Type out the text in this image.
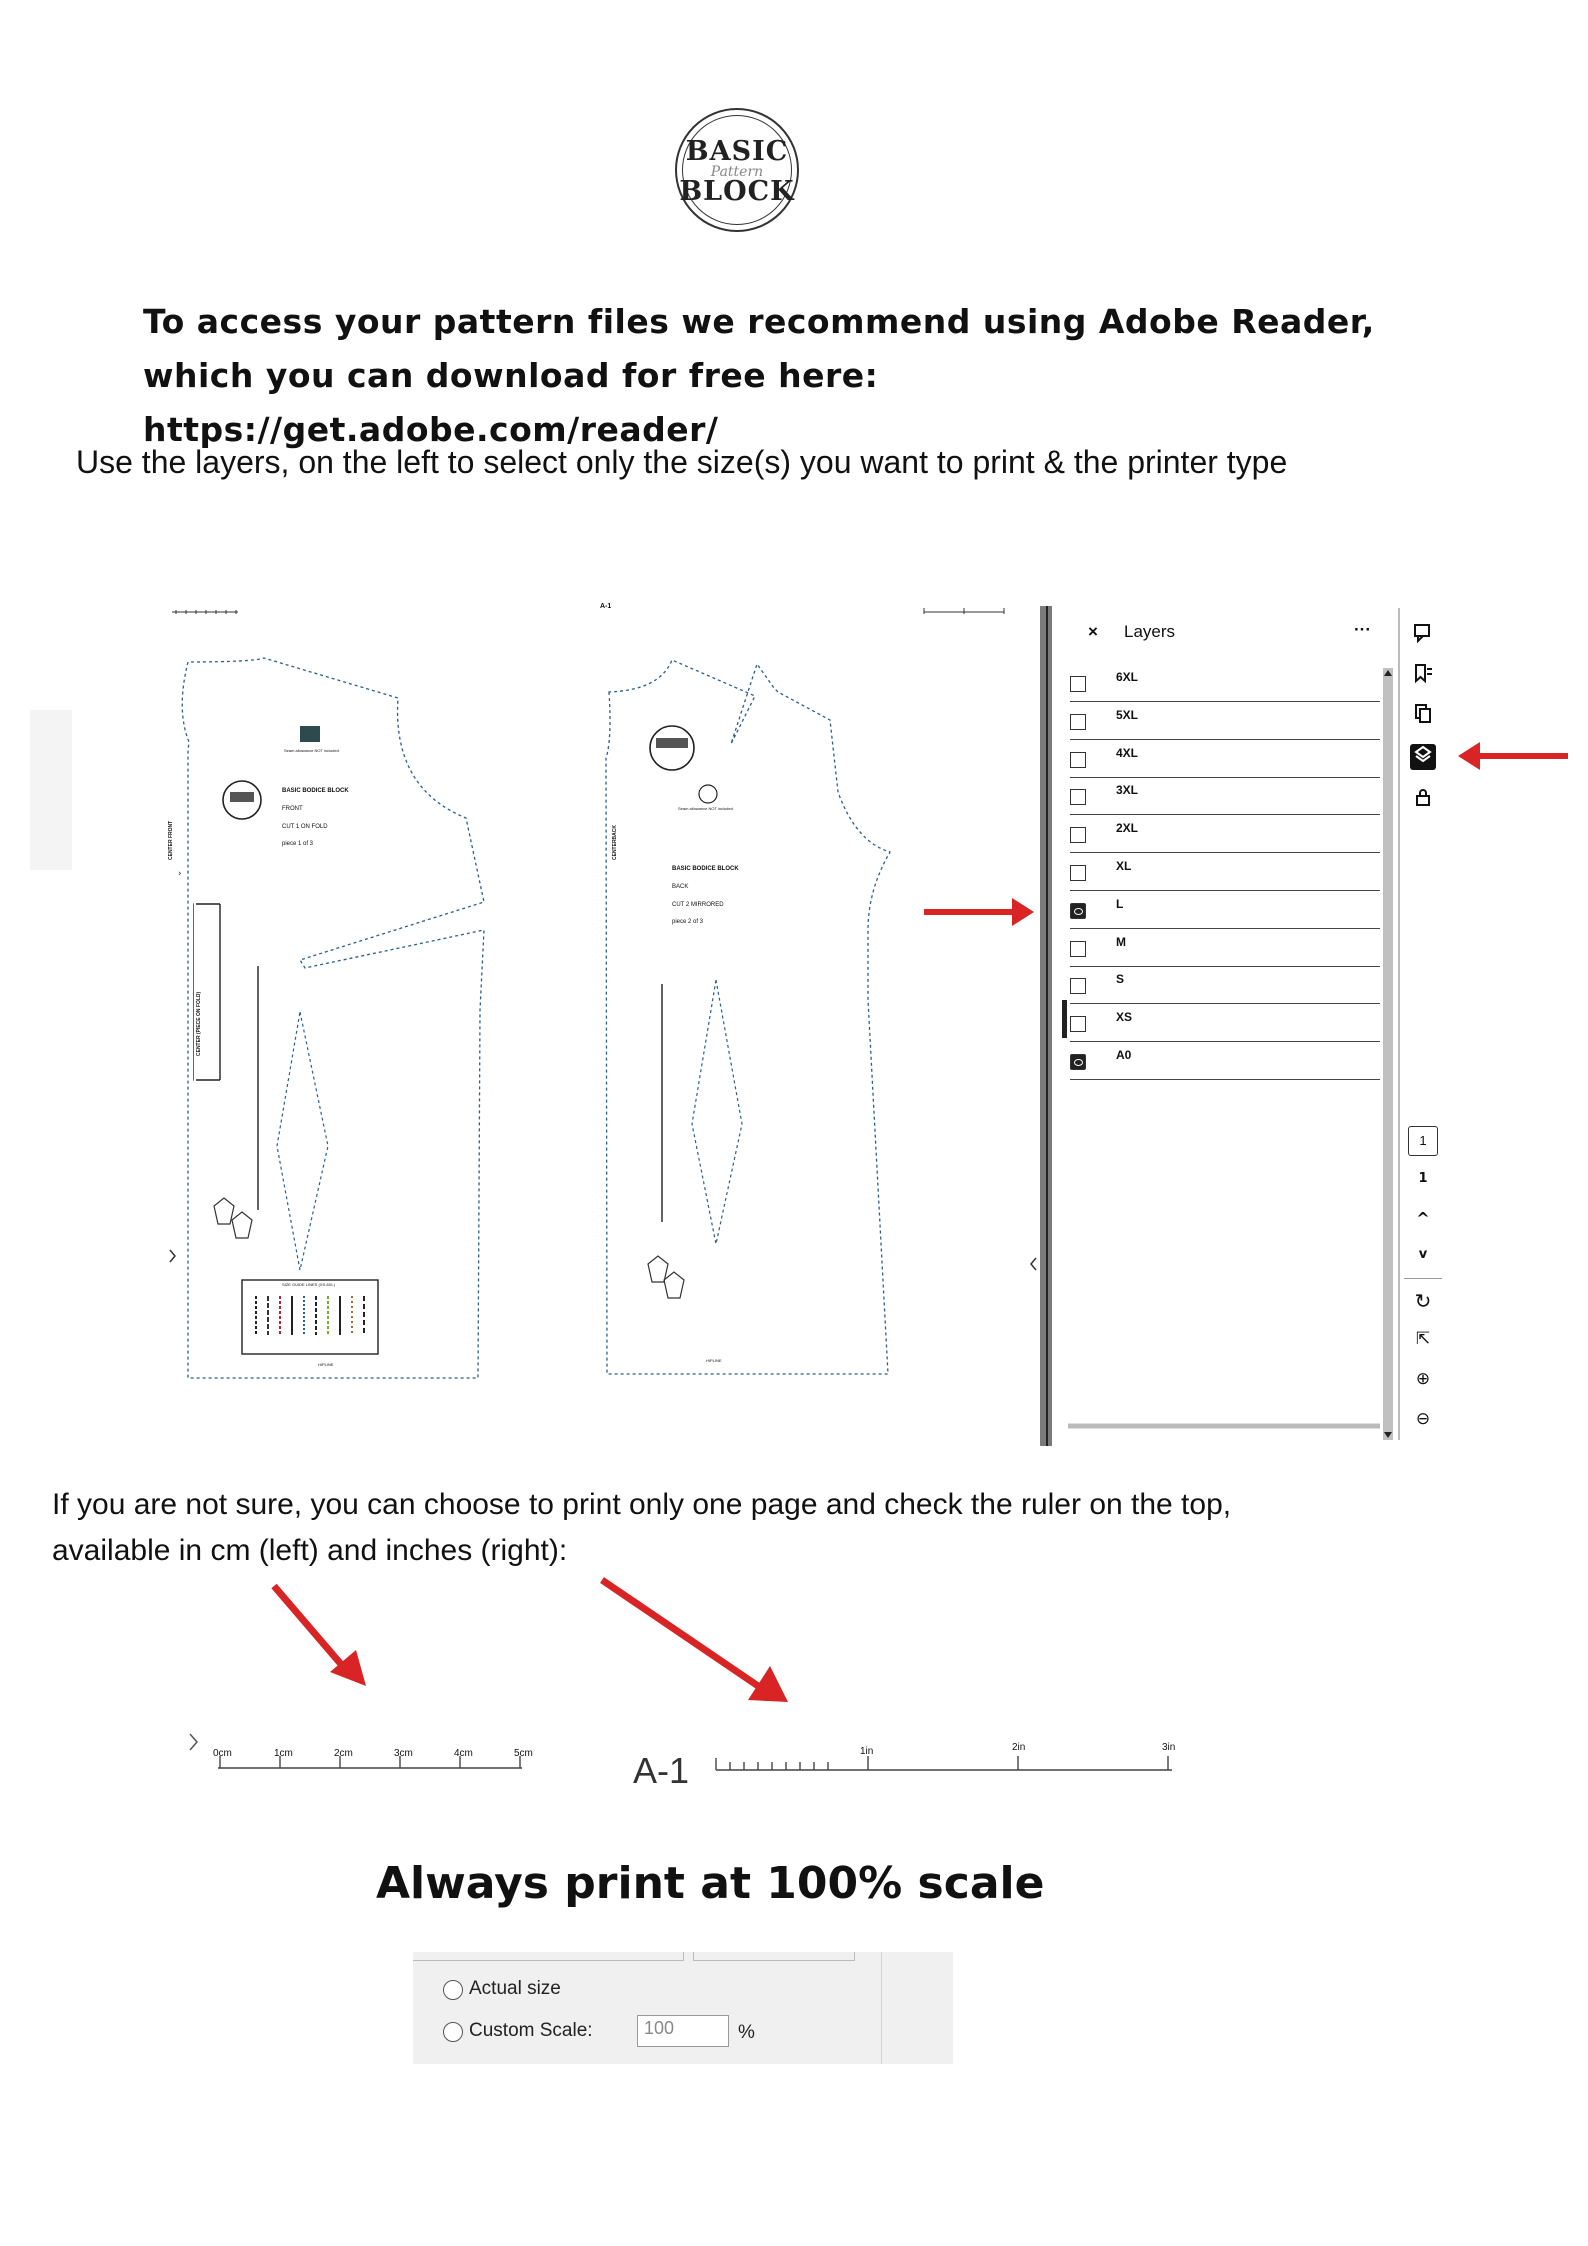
BASIC
Pattern
BLOCK

To access your pattern files we recommend using Adobe Reader,

which you can download for free here: https://get.adobe.com/reader/

Use the layers, on the left to select only the size(s) you want to print & the printer type
›
BASIC BODICE BLOCK
FRONT
CUT 1 ON FOLD
piece 1 of 3
Seam allowance NOT included
CENTER FRONT
CENTER (PIECE ON FOLD)
SIZE GUIDE LINES (XS-6XL)
HIPLINE
A-1
BASIC BODICE BLOCK
BACK
CUT 2 MIRRORED
piece 2 of 3
Seam allowance NOT included
CENTERBACK
HIPLINE
× Layers	···
6XL
5XL
4XL
3XL
2XL
XL
L
M
S
XS
A0
1
1
^
v
↻
⇱
⊕
⊖

If you are not sure, you can choose to print only one page and check the ruler on the top,

available in cm (left) and inches (right):

0cm	1cm	2cm	3cm	4cm	5cm	A-1	1in	2in	3in
Always print at 100% scale
Actual size
Custom Scale:	%
100
